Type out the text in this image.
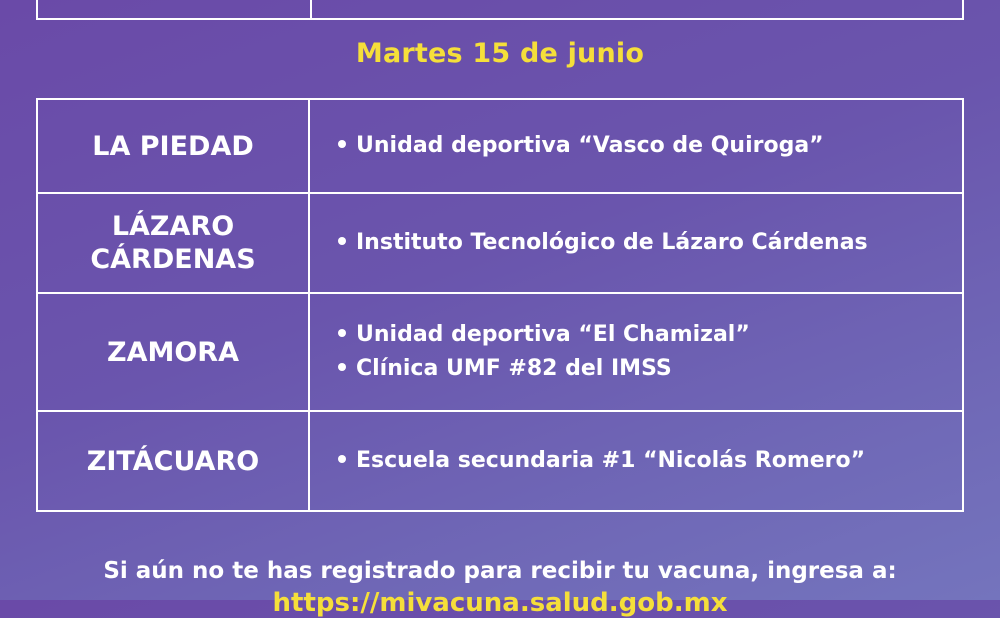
Martes 15 de junio
LA PIEDAD	Unidad deportiva “Vasco de Quiroga”
LÁZARO
CÁRDENAS
Instituto Tecnológico de Lázaro Cárdenas
ZAMORA
Unidad deportiva “El Chamizal”
Clínica UMF #82 del IMSS
ZITÁCUARO	Escuela secundaria #1 “Nicolás Romero”
Si aún no te has registrado para recibir tu vacuna, ingresa a:
https://mivacuna.salud.gob.mx
